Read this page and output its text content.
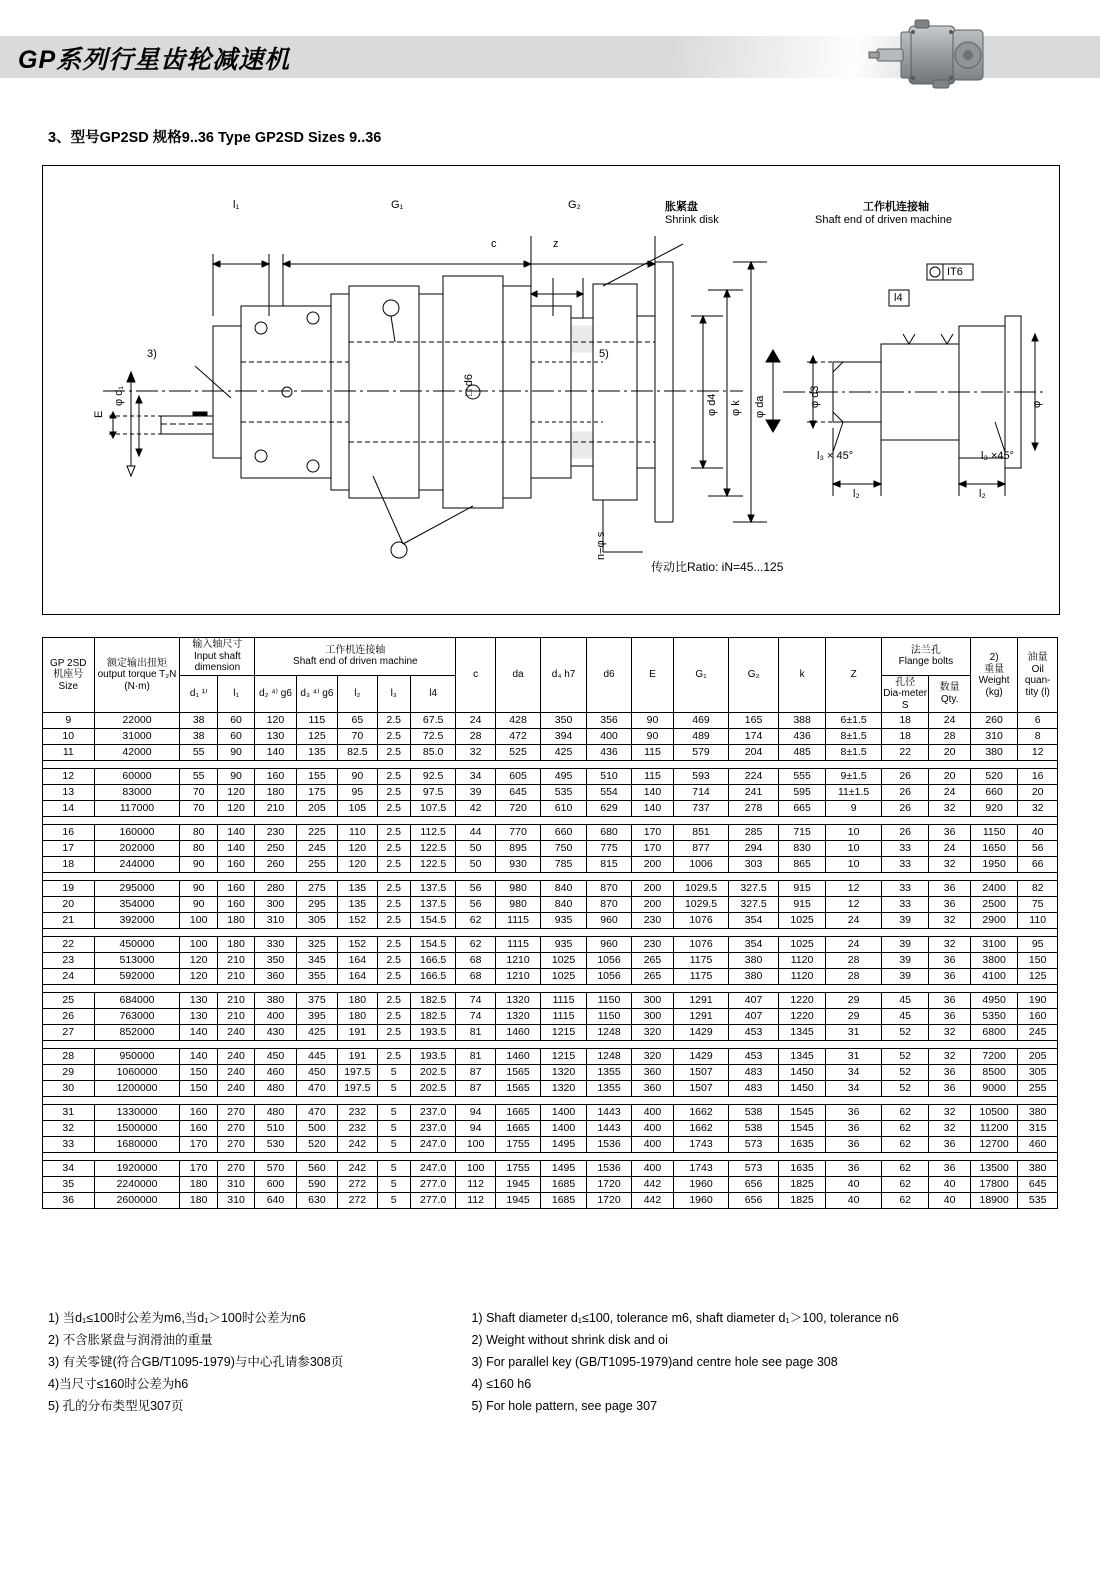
GP系列行星齿轮减速机
3、型号GP2SD 规格9..36 Type GP2SD Sizes 9..36
l₁	G₁	G₂
c	z
胀紧盘
Shrink disk
工作机连接轴
Shaft end of driven machine
3)	5)
φ d₁
E
□ d6
φ d4 φ k φ da
n−φ s
φ d3	φ
l₃ × 45°	l₃ ×45°
l₂	l₂
IT6
l4
传动比Ratio: iN=45...125
GP 2SD 机座号
Size

额定输出扭矩
output torque T₂N
(N·m)

输入轴尺寸
Input shaft dimension

工作机连接轴
Shaft end of driven machine
	c	da	d₄ h7	d6	E	G₁	G₂	k	Z	
法兰孔
Flange bolts	2)
重量
Weight (kg)

油量
Oil quan-tity (l)

d₁ ¹⁾	l₁	d₂ ⁴⁾ g6	d₃ ⁴⁾ g6	l₂	l₃	l4	
孔径
Dia-meter S

数量
Qty.

9	22000	38	60	120	115	65	2.5	67.5	24	428	350	356	90	469	165	388	6±1.5	18	24	260	6
10	31000	38	60	130	125	70	2.5	72.5	28	472	394	400	90	489	174	436	8±1.5	18	28	310	8
11	42000	55	90	140	135	82.5	2.5	85.0	32	525	425	436	115	579	204	485	8±1.5	22	20	380	12

12	60000	55	90	160	155	90	2.5	92.5	34	605	495	510	115	593	224	555	9±1.5	26	20	520	16
13	83000	70	120	180	175	95	2.5	97.5	39	645	535	554	140	714	241	595	11±1.5	26	24	660	20
14	117000	70	120	210	205	105	2.5	107.5	42	720	610	629	140	737	278	665	9	26	32	920	32

16	160000	80	140	230	225	110	2.5	112.5	44	770	660	680	170	851	285	715	10	26	36	1150	40
17	202000	80	140	250	245	120	2.5	122.5	50	895	750	775	170	877	294	830	10	33	24	1650	56
18	244000	90	160	260	255	120	2.5	122.5	50	930	785	815	200	1006	303	865	10	33	32	1950	66

19	295000	90	160	280	275	135	2.5	137.5	56	980	840	870	200	1029.5	327.5	915	12	33	36	2400	82
20	354000	90	160	300	295	135	2.5	137.5	56	980	840	870	200	1029.5	327.5	915	12	33	36	2500	75
21	392000	100	180	310	305	152	2.5	154.5	62	1115	935	960	230	1076	354	1025	24	39	32	2900	110

22	450000	100	180	330	325	152	2.5	154.5	62	1115	935	960	230	1076	354	1025	24	39	32	3100	95
23	513000	120	210	350	345	164	2.5	166.5	68	1210	1025	1056	265	1175	380	1120	28	39	36	3800	150
24	592000	120	210	360	355	164	2.5	166.5	68	1210	1025	1056	265	1175	380	1120	28	39	36	4100	125

25	684000	130	210	380	375	180	2.5	182.5	74	1320	1115	1150	300	1291	407	1220	29	45	36	4950	190
26	763000	130	210	400	395	180	2.5	182.5	74	1320	1115	1150	300	1291	407	1220	29	45	36	5350	160
27	852000	140	240	430	425	191	2.5	193.5	81	1460	1215	1248	320	1429	453	1345	31	52	32	6800	245

28	950000	140	240	450	445	191	2.5	193.5	81	1460	1215	1248	320	1429	453	1345	31	52	32	7200	205
29	1060000	150	240	460	450	197.5	5	202.5	87	1565	1320	1355	360	1507	483	1450	34	52	36	8500	305
30	1200000	150	240	480	470	197.5	5	202.5	87	1565	1320	1355	360	1507	483	1450	34	52	36	9000	255

31	1330000	160	270	480	470	232	5	237.0	94	1665	1400	1443	400	1662	538	1545	36	62	32	10500	380
32	1500000	160	270	510	500	232	5	237.0	94	1665	1400	1443	400	1662	538	1545	36	62	32	11200	315
33	1680000	170	270	530	520	242	5	247.0	100	1755	1495	1536	400	1743	573	1635	36	62	36	12700	460

34	1920000	170	270	570	560	242	5	247.0	100	1755	1495	1536	400	1743	573	1635	36	62	36	13500	380
35	2240000	180	310	600	590	272	5	277.0	112	1945	1685	1720	442	1960	656	1825	40	62	40	17800	645
36	2600000	180	310	640	630	272	5	277.0	112	1945	1685	1720	442	1960	656	1825	40	62	40	18900	535
1) 当d₁≤100时公差为m6,当d₁＞100时公差为n6
2) 不含胀紧盘与润滑油的重量
3) 有关零键(符合GB/T1095-1979)与中心孔请参308页
4)当尺寸≤160时公差为h6
5) 孔的分布类型见307页

1) Shaft diameter d₁≤100, tolerance m6, shaft diameter d₁＞100, tolerance n6
2) Weight without shrink disk and oi
3) For parallel key (GB/T1095-1979)and centre hole see page 308
4) ≤160 h6
5) For hole pattern, see page 307
